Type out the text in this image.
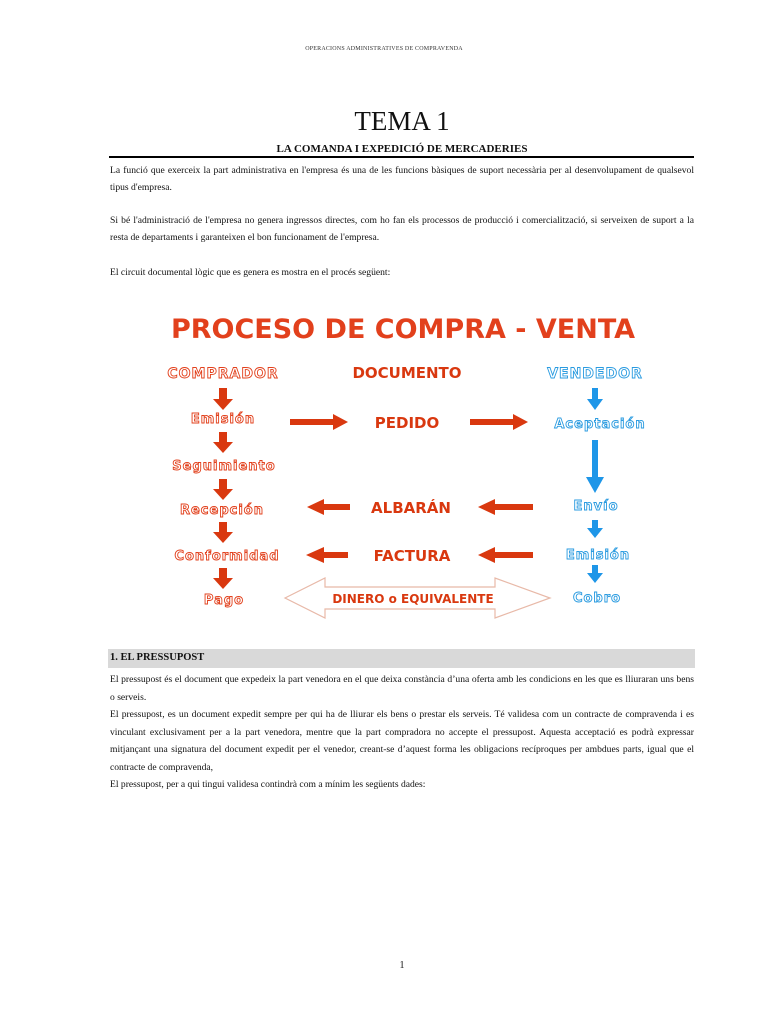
OPERACIONS ADMINISTRATIVES DE COMPRAVENDA
TEMA 1
LA COMANDA I EXPEDICIÓ DE MERCADERIES
La funció que exerceix la part administrativa en l'empresa és una de les funcions bàsiques de suport necessària per al desenvolupament de qualsevol tipus d'empresa.
Si bé l'administració de l'empresa no genera ingressos directes, com ho fan els processos de producció i comercialització, si serveixen de suport a la resta de departaments i garanteixen el bon funcionament de l'empresa.
El circuit documental lògic que es genera es mostra en el procés següent:
PROCESO DE COMPRA - VENTA
COMPRADOR	DOCUMENTO	VENDEDOR
Emisión
Seguimiento
Recepción
Conformidad
Pago
PEDIDO
ALBARÁN
FACTURA
Aceptación
Envío
Emisión
Cobro
DINERO o EQUIVALENTE
1. EL PRESSUPOST

El pressupost és el document que expedeix la part venedora en el que deixa constància d’una oferta amb les condicions en les que es lliuraran uns bens o serveis.

El pressupost, es un document expedit sempre per qui ha de lliurar els bens o prestar els serveis. Té validesa com un contracte de compravenda i es vinculant exclusivament per a la part venedora, mentre que la part compradora no accepte el pressupost. Aquesta acceptació es podrà expressar mitjançant una signatura del document expedit per el venedor, creant-se d’aquest forma les obligacions recíproques per ambdues parts, igual que el contracte de compravenda,

El pressupost, per a qui tingui validesa contindrà com a mínim les següents dades:

1
